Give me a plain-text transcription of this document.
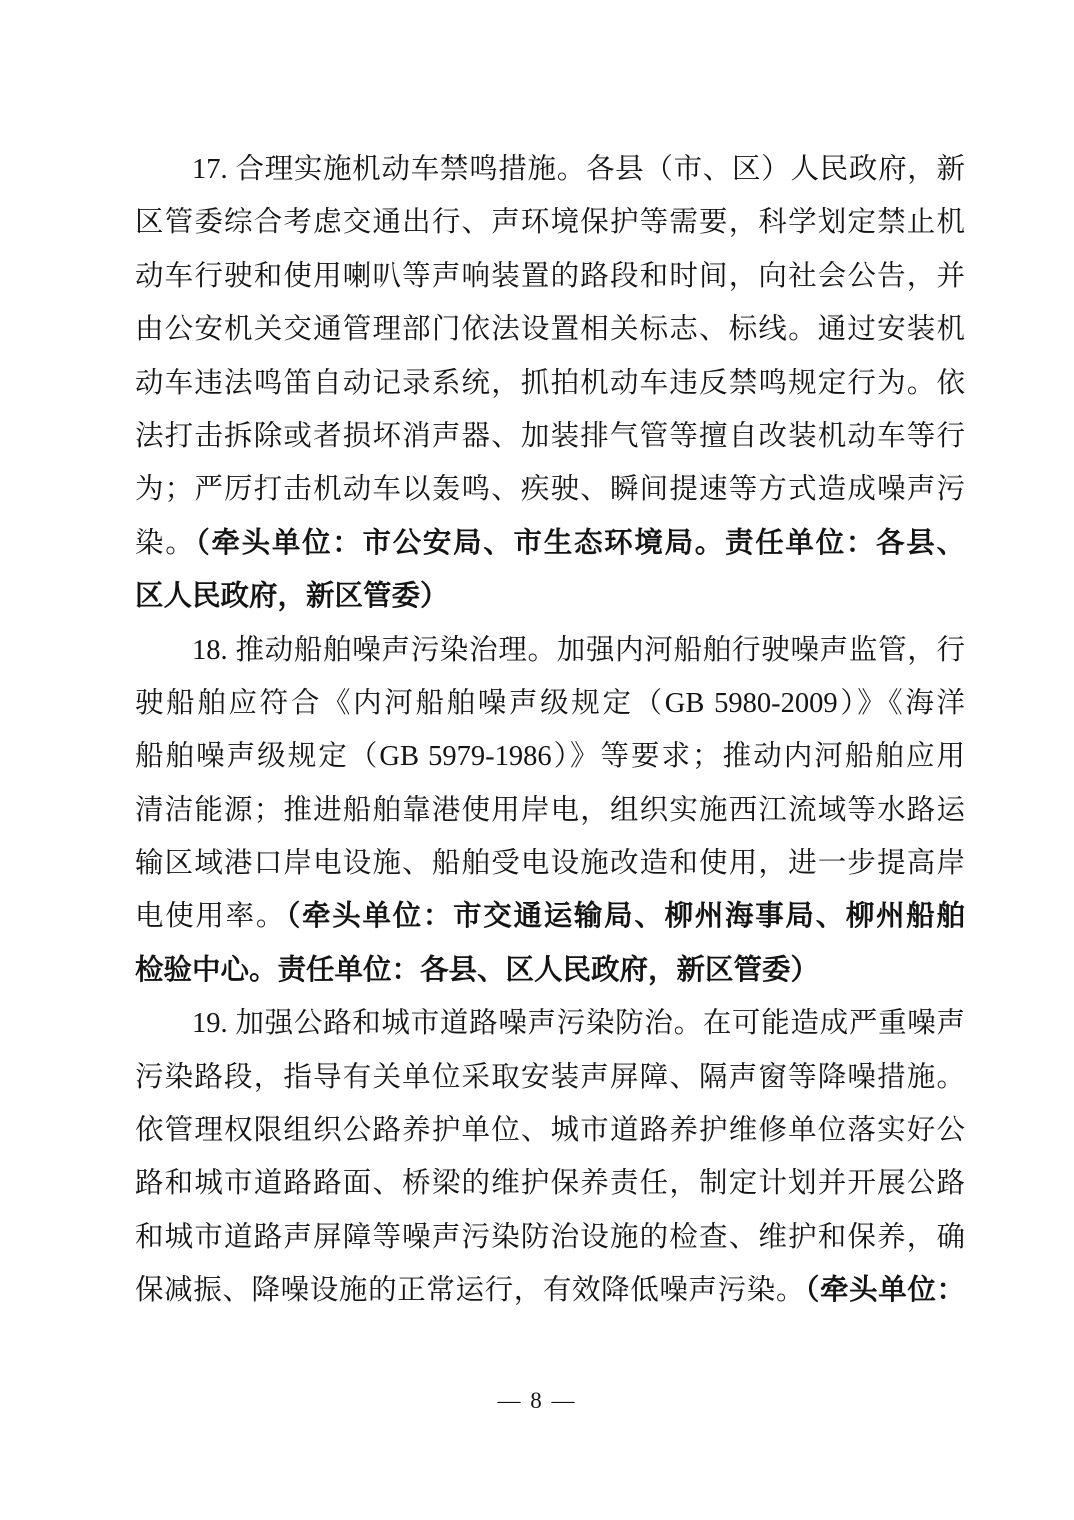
17. 合理实施机动车禁鸣措施。各县（市、区）人民政府，新
区管委综合考虑交通出行、声环境保护等需要，科学划定禁止机
动车行驶和使用喇叭等声响装置的路段和时间，向社会公告，并
由公安机关交通管理部门依法设置相关标志、标线。通过安装机
动车违法鸣笛自动记录系统，抓拍机动车违反禁鸣规定行为。依
法打击拆除或者损坏消声器、加装排气管等擅自改装机动车等行
为；严厉打击机动车以轰鸣、疾驶、瞬间提速等方式造成噪声污
染。（牵头单位：市公安局、市生态环境局。责任单位：各县、
区人民政府，新区管委）
18. 推动船舶噪声污染治理。加强内河船舶行驶噪声监管，行
驶船舶应符合《内河船舶噪声级规定（GB 5980-2009）》《海洋
船舶噪声级规定（GB 5979-1986）》等要求；推动内河船舶应用
清洁能源；推进船舶靠港使用岸电，组织实施西江流域等水路运
输区域港口岸电设施、船舶受电设施改造和使用，进一步提高岸
电使用率。（牵头单位：市交通运输局、柳州海事局、柳州船舶
检验中心。责任单位：各县、区人民政府，新区管委）
19. 加强公路和城市道路噪声污染防治。在可能造成严重噪声
污染路段，指导有关单位采取安装声屏障、隔声窗等降噪措施。
依管理权限组织公路养护单位、城市道路养护维修单位落实好公
路和城市道路路面、桥梁的维护保养责任，制定计划并开展公路
和城市道路声屏障等噪声污染防治设施的检查、维护和保养，确
保减振、降噪设施的正常运行，有效降低噪声污染。（牵头单位：
— 8 —
